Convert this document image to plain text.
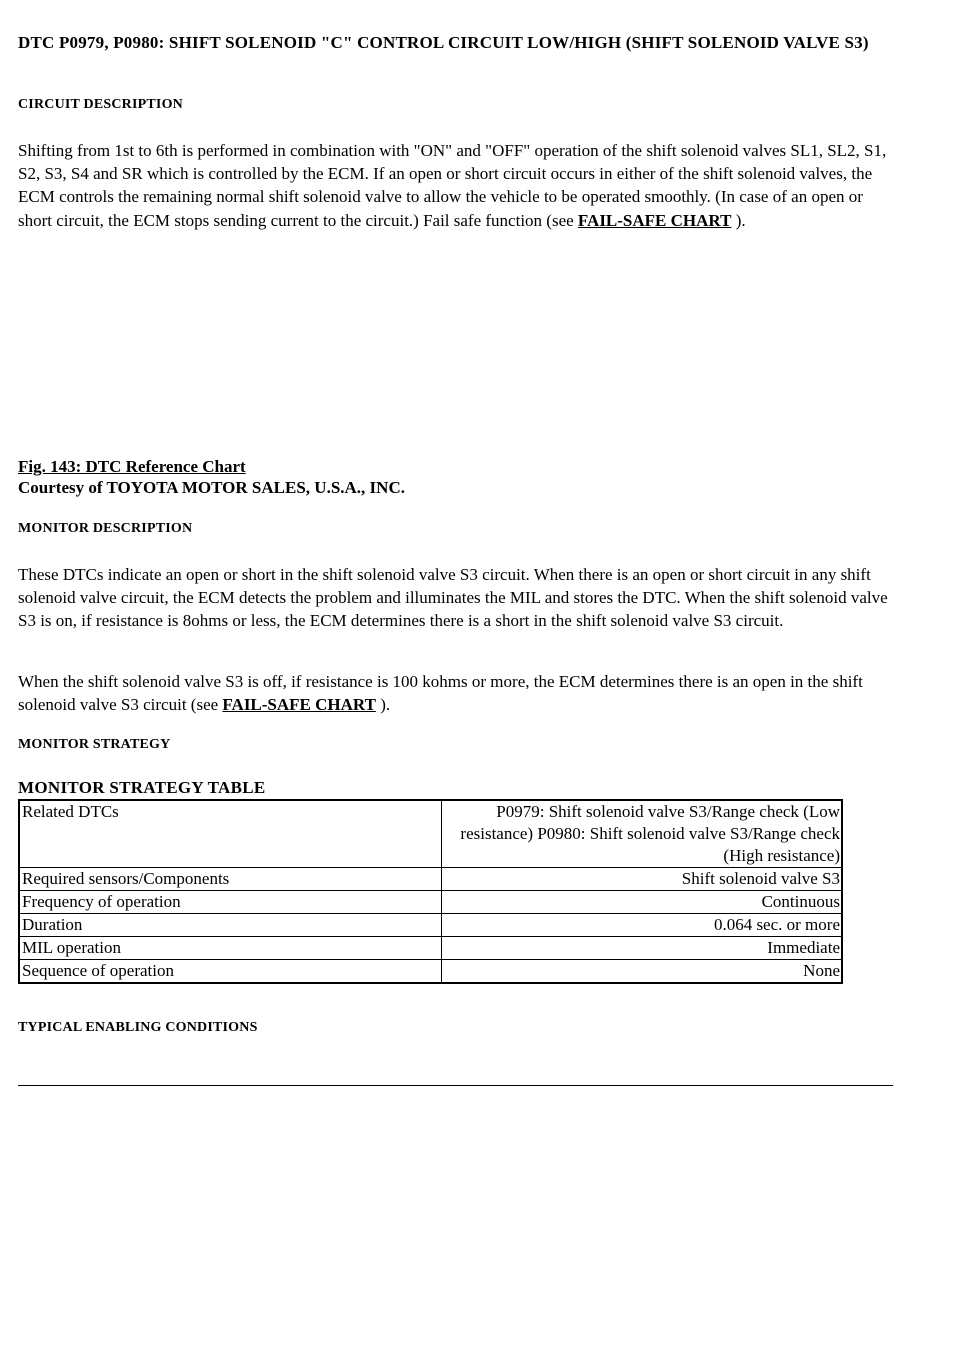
DTC P0979, P0980: SHIFT SOLENOID "C" CONTROL CIRCUIT LOW/HIGH (SHIFT SOLENOID VALVE S3)
CIRCUIT DESCRIPTION

Shifting from 1st to 6th is performed in combination with "ON" and "OFF" operation of the shift solenoid valves SL1, SL2, S1, S2, S3, S4 and SR which is controlled by the ECM. If an open or short circuit occurs in either of the shift solenoid valves, the ECM controls the remaining normal shift solenoid valve to allow the vehicle to be operated smoothly. (In case of an open or short circuit, the ECM stops sending current to the circuit.) Fail safe function (see FAIL-SAFE CHART ).

Fig. 143: DTC Reference Chart
Courtesy of TOYOTA MOTOR SALES, U.S.A., INC.
MONITOR DESCRIPTION

These DTCs indicate an open or short in the shift solenoid valve S3 circuit. When there is an open or short circuit in any shift solenoid valve circuit, the ECM detects the problem and illuminates the MIL and stores the DTC. When the shift solenoid valve S3 is on, if resistance is 8ohms or less, the ECM determines there is a short in the shift solenoid valve S3 circuit.

When the shift solenoid valve S3 is off, if resistance is 100 kohms or more, the ECM determines there is an open in the shift solenoid valve S3 circuit (see FAIL-SAFE CHART ).

MONITOR STRATEGY
MONITOR STRATEGY TABLE
Related DTCs	P0979: Shift solenoid valve S3/Range check (Low resistance) P0980: Shift solenoid valve S3/Range check (High resistance)
Required sensors/Components	Shift solenoid valve S3
Frequency of operation	Continuous
Duration	0.064 sec. or more
MIL operation	Immediate
Sequence of operation	None
TYPICAL ENABLING CONDITIONS
